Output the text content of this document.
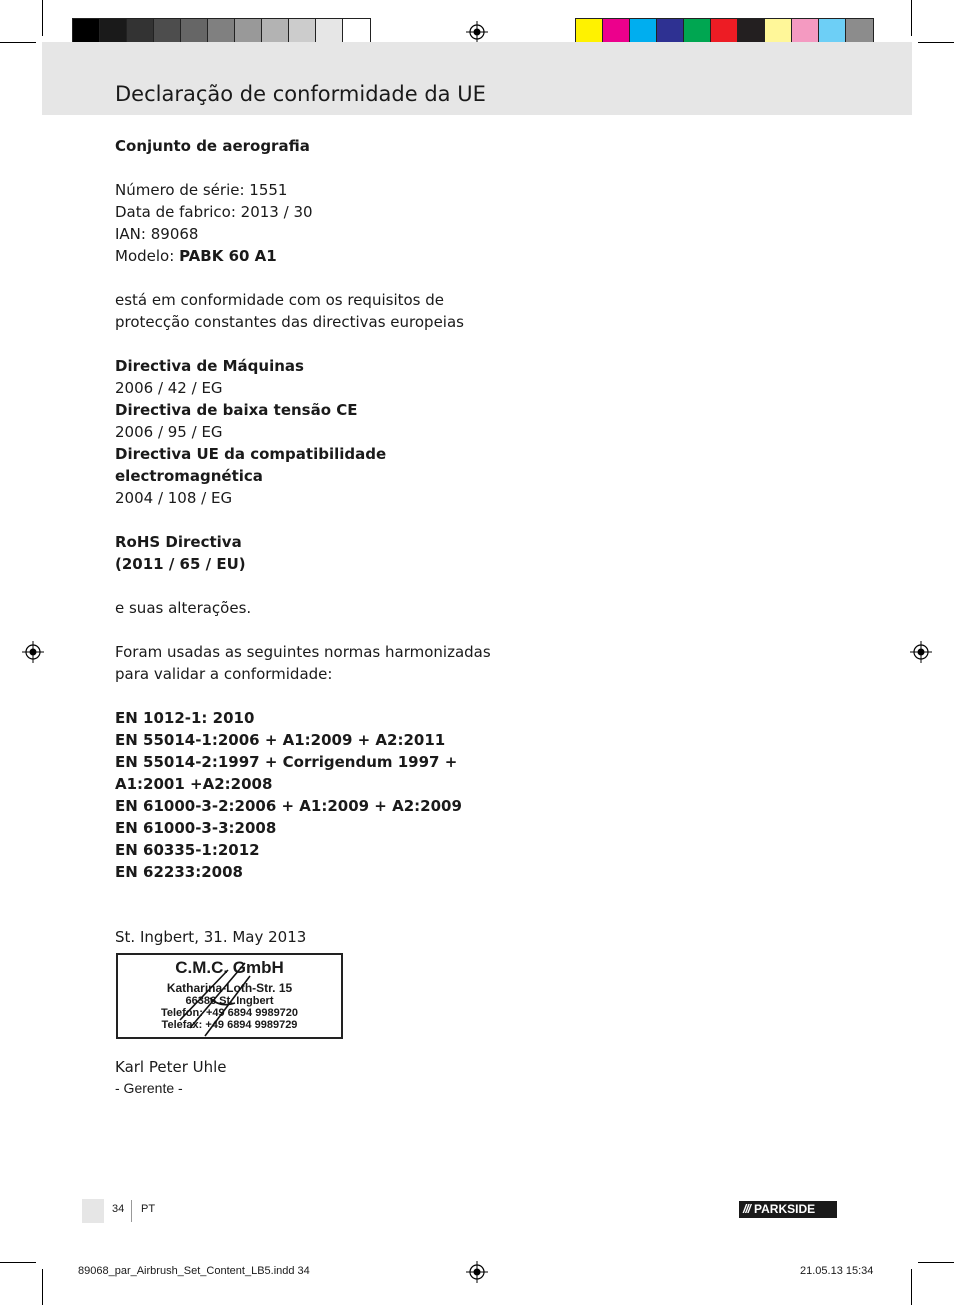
Declaração de conformidade da UE
Conjunto de aerografia
Número de série: 1551
Data de fabrico: 2013 / 30
IAN: 89068
Modelo: PABK 60 A1
está em conformidade com os requisitos de
protecção constantes das directivas europeias
Directiva de Máquinas
2006 / 42 / EG
Directiva de baixa tensão CE
2006 / 95 / EG
Directiva UE da compatibilidade
electromagnética
2004 / 108 / EG
RoHS Directiva
(2011 / 65 / EU)
e suas alterações.
Foram usadas as seguintes normas harmonizadas
para validar a conformidade:
EN 1012-1: 2010
EN 55014-1:2006 + A1:2009 + A2:2011
EN 55014-2:1997 + Corrigendum 1997 +
A1:2001 +A2:2008
EN 61000-3-2:2006 + A1:2009 + A2:2009
EN 61000-3-3:2008
EN 60335-1:2012
EN 62233:2008
St. Ingbert, 31. May 2013
C.M.C. GmbH
Katharina-Loth-Str. 15
66386 St. Ingbert
Telefon: +49 6894 9989720
Telefax: +49 6894 9989729
Karl Peter Uhle
- Gerente -
34 PT	/// PARKSIDE
89068_par_Airbrush_Set_Content_LB5.indd 34	21.05.13 15:34
